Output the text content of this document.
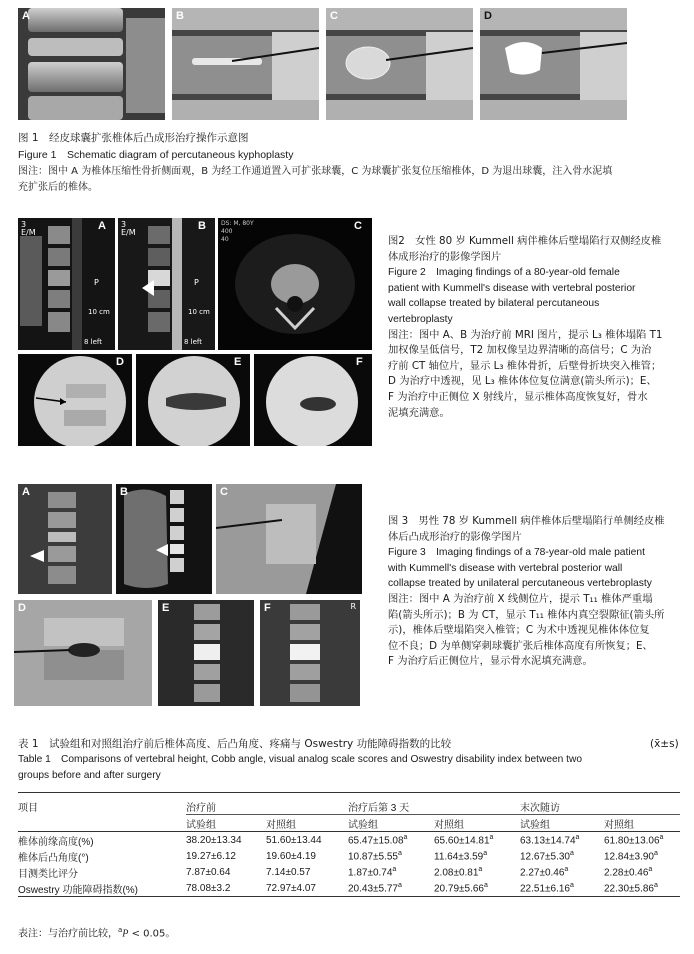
A	B	C	D
图 1　经皮球囊扩张椎体后凸成形治疗操作示意图
Figure 1　Schematic diagram of percutaneous kyphoplasty
图注：图中 A 为椎体压缩性骨折侧面观，B 为经工作通道置入可扩张球囊，C 为球囊扩张复位压缩椎体，D 为退出球囊，注入骨水泥填
充扩张后的椎体。
A
3
E/M
P
10 cm
8 left
B
3
E/M
P
10 cm
8 left
C
DS: M, 80Y
400
40
D	E	F
图2　女性 80 岁 Kummell 病伴椎体后壁塌陷行双侧经皮椎
体成形治疗的影像学图片
Figure 2　Imaging findings of a 80-year-old female
patient with Kummell's disease with vertebral posterior
wall collapse treated by bilateral percutaneous
vertebroplasty
图注：图中 A、B 为治疗前 MRI 图片，提示 L₃ 椎体塌陷 T1
加权像呈低信号，T2 加权像呈边界清晰的高信号；C 为治
疗前 CT 轴位片，显示 L₃ 椎体骨折，后壁骨折块突入椎管；
D 为治疗中透视，见 L₃ 椎体体位复位满意(箭头所示)；E、
F 为治疗中正侧位 X 射线片，显示椎体高度恢复好，骨水
泥填充满意。
A	B	C
D	E	F	R
图 3　男性 78 岁 Kummell 病伴椎体后壁塌陷行单侧经皮椎
体后凸成形治疗的影像学图片
Figure 3　Imaging findings of a 78-year-old male patient
with Kummell's disease with vertebral posterior wall
collapse treated by unilateral percutaneous vertebroplasty
图注：图中 A 为治疗前 X 线侧位片，提示 T₁₁ 椎体严重塌
陷(箭头所示)；B 为 CT，显示 T₁₁ 椎体内真空裂隙征(箭头所
示)，椎体后壁塌陷突入椎管；C 为术中透视见椎体体位复
位不良；D 为单侧穿刺球囊扩张后椎体高度有所恢复；E、
F 为治疗后正侧位片，显示骨水泥填充满意。
表 1　试验组和对照组治疗前后椎体高度、后凸角度、疼痛与 Oswestry 功能障碍指数的比较	(x̄±s)
Table 1　Comparisons of vertebral height, Cobb angle, visual analog scale scores and Oswestry disability index between two
groups before and after surgery
项目	治疗前		治疗后第 3 天		末次随访	
	试验组	对照组	试验组	对照组	试验组	对照组
椎体前缘高度(%)	38.20±13.34	51.60±13.44	65.47±15.08$^a$	65.60±14.81$^a$	63.13±14.74$^a$	61.80±13.06$^a$
椎体后凸角度(°)	19.27±6.12	19.60±4.19	10.87±5.55$^a$	11.64±3.59$^a$	12.67±5.30$^a$	12.84±3.90$^a$
目测类比评分	7.87±0.64	7.14±0.57	1.87±0.74$^a$	2.08±0.81$^a$	2.27±0.46$^a$	2.28±0.46$^a$
Oswestry 功能障碍指数(%)	78.08±3.2	72.97±4.07	20.43±5.77$^a$	20.79±5.66$^a$	22.51±6.16$^a$	22.30±5.86$^a$
表注：与治疗前比较，$^a$P < 0.05。
